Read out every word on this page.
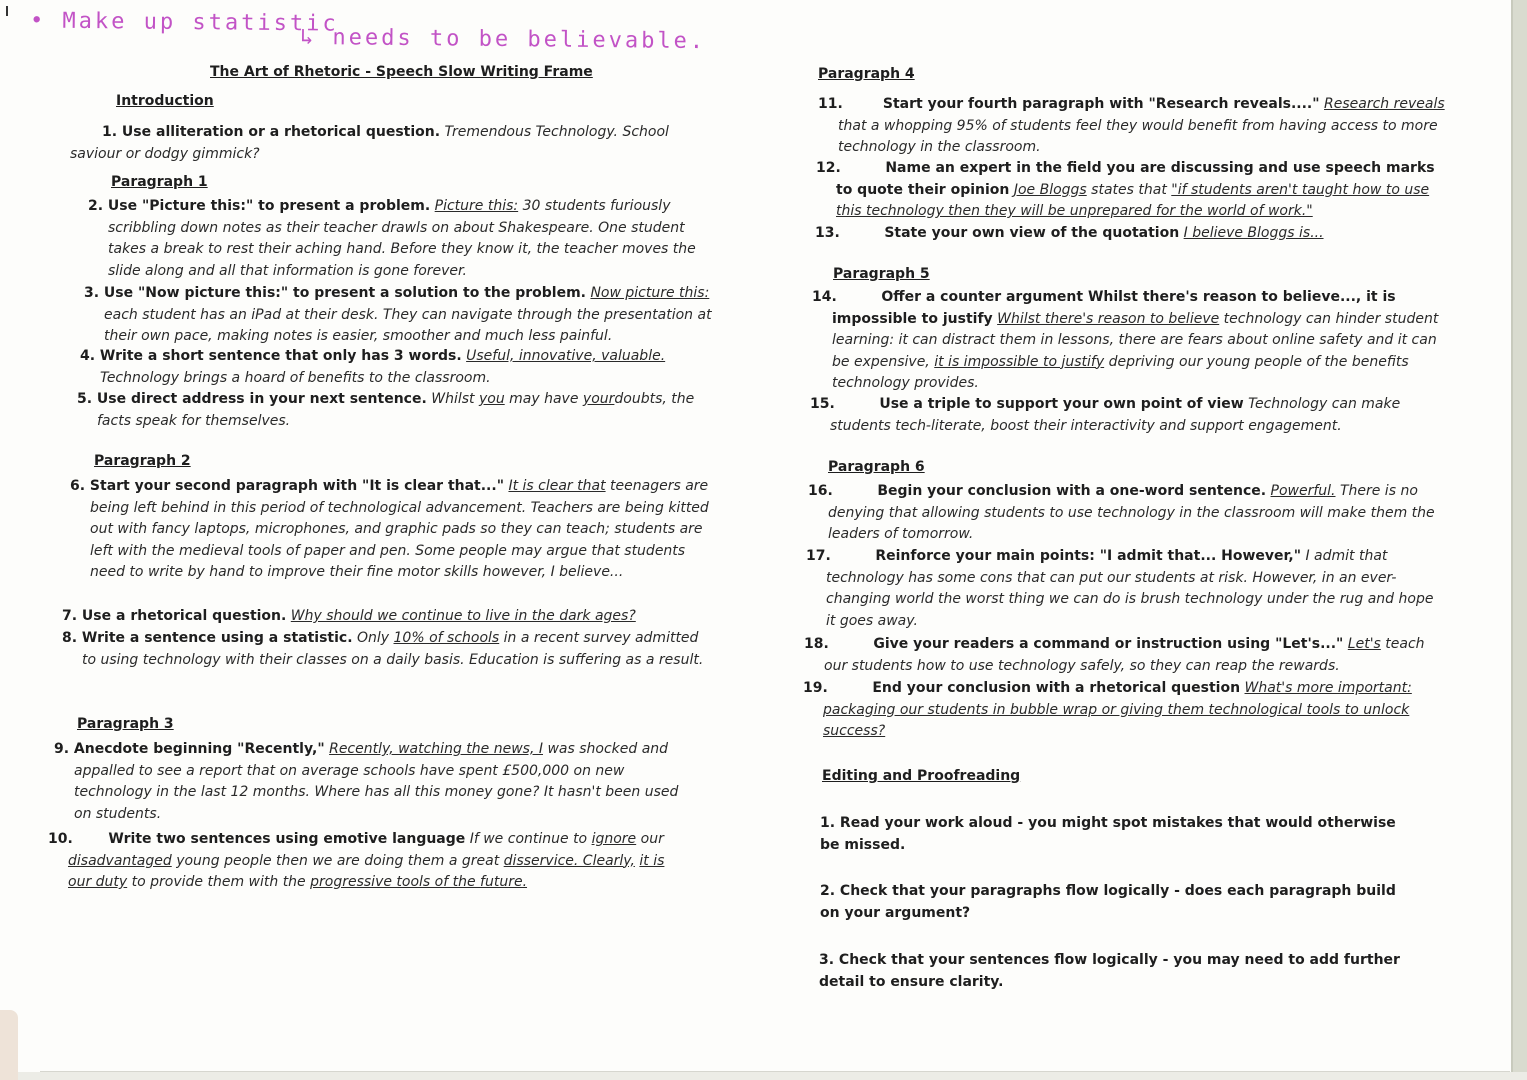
• Make up statistic
↳ needs to be believable.
The Art of Rhetoric - Speech Slow Writing Frame
Introduction
1. Use alliteration or a rhetorical question. Tremendous Technology. School saviour or dodgy gimmick?
Paragraph 1
2. Use "Picture this:" to present a problem. Picture this: 30 students furiously scribbling down notes as their teacher drawls on about Shakespeare. One student takes a break to rest their aching hand. Before they know it, the teacher moves the slide along and all that information is gone forever.
3. Use "Now picture this:" to present a solution to the problem. Now picture this: each student has an iPad at their desk. They can navigate through the presentation at their own pace, making notes is easier, smoother and much less painful.
4. Write a short sentence that only has 3 words. Useful, innovative, valuable. Technology brings a hoard of benefits to the classroom.
5. Use direct address in your next sentence. Whilst you may have yourdoubts, the facts speak for themselves.
Paragraph 2
6. Start your second paragraph with "It is clear that..." It is clear that teenagers are being left behind in this period of technological advancement. Teachers are being kitted out with fancy laptops, microphones, and graphic pads so they can teach; students are left with the medieval tools of paper and pen. Some people may argue that students need to write by hand to improve their fine motor skills however, I believe...
7. Use a rhetorical question. Why should we continue to live in the dark ages?
8. Write a sentence using a statistic. Only 10% of schools in a recent survey admitted to using technology with their classes on a daily basis. Education is suffering as a result.
Paragraph 3
9. Anecdote beginning "Recently," Recently, watching the news, I was shocked and appalled to see a report that on average schools have spent £500,000 on new technology in the last 12 months. Where has all this money gone? It hasn't been used on students.
10.	Write two sentences using emotive language If we continue to ignore our disadvantaged young people then we are doing them a great disservice. Clearly, it is our duty to provide them with the progressive tools of the future.
Paragraph 4
11.	Start your fourth paragraph with "Research reveals...." Research reveals that a whopping 95% of students feel they would benefit from having access to more technology in the classroom.
12.	Name an expert in the field you are discussing and use speech marks to quote their opinion Joe Bloggs states that "if students aren't taught how to use this technology then they will be unprepared for the world of work."
13.	State your own view of the quotation I believe Bloggs is...
Paragraph 5
14.	Offer a counter argument Whilst there's reason to believe..., it is impossible to justify Whilst there's reason to believe technology can hinder student learning: it can distract them in lessons, there are fears about online safety and it can be expensive, it is impossible to justify depriving our young people of the benefits technology provides.
15.	Use a triple to support your own point of view Technology can make students tech-literate, boost their interactivity and support engagement.
Paragraph 6
16.	Begin your conclusion with a one-word sentence. Powerful. There is no denying that allowing students to use technology in the classroom will make them the leaders of tomorrow.
17.	Reinforce your main points: "I admit that... However," I admit that technology has some cons that can put our students at risk. However, in an ever-changing world the worst thing we can do is brush technology under the rug and hope it goes away.
18.	Give your readers a command or instruction using "Let's..." Let's teach our students how to use technology safely, so they can reap the rewards.
19.	End your conclusion with a rhetorical question What's more important: packaging our students in bubble wrap or giving them technological tools to unlock success?
Editing and Proofreading
1. Read your work aloud - you might spot mistakes that would otherwise be missed.
2. Check that your paragraphs flow logically - does each paragraph build on your argument?
3. Check that your sentences flow logically - you may need to add further detail to ensure clarity.
